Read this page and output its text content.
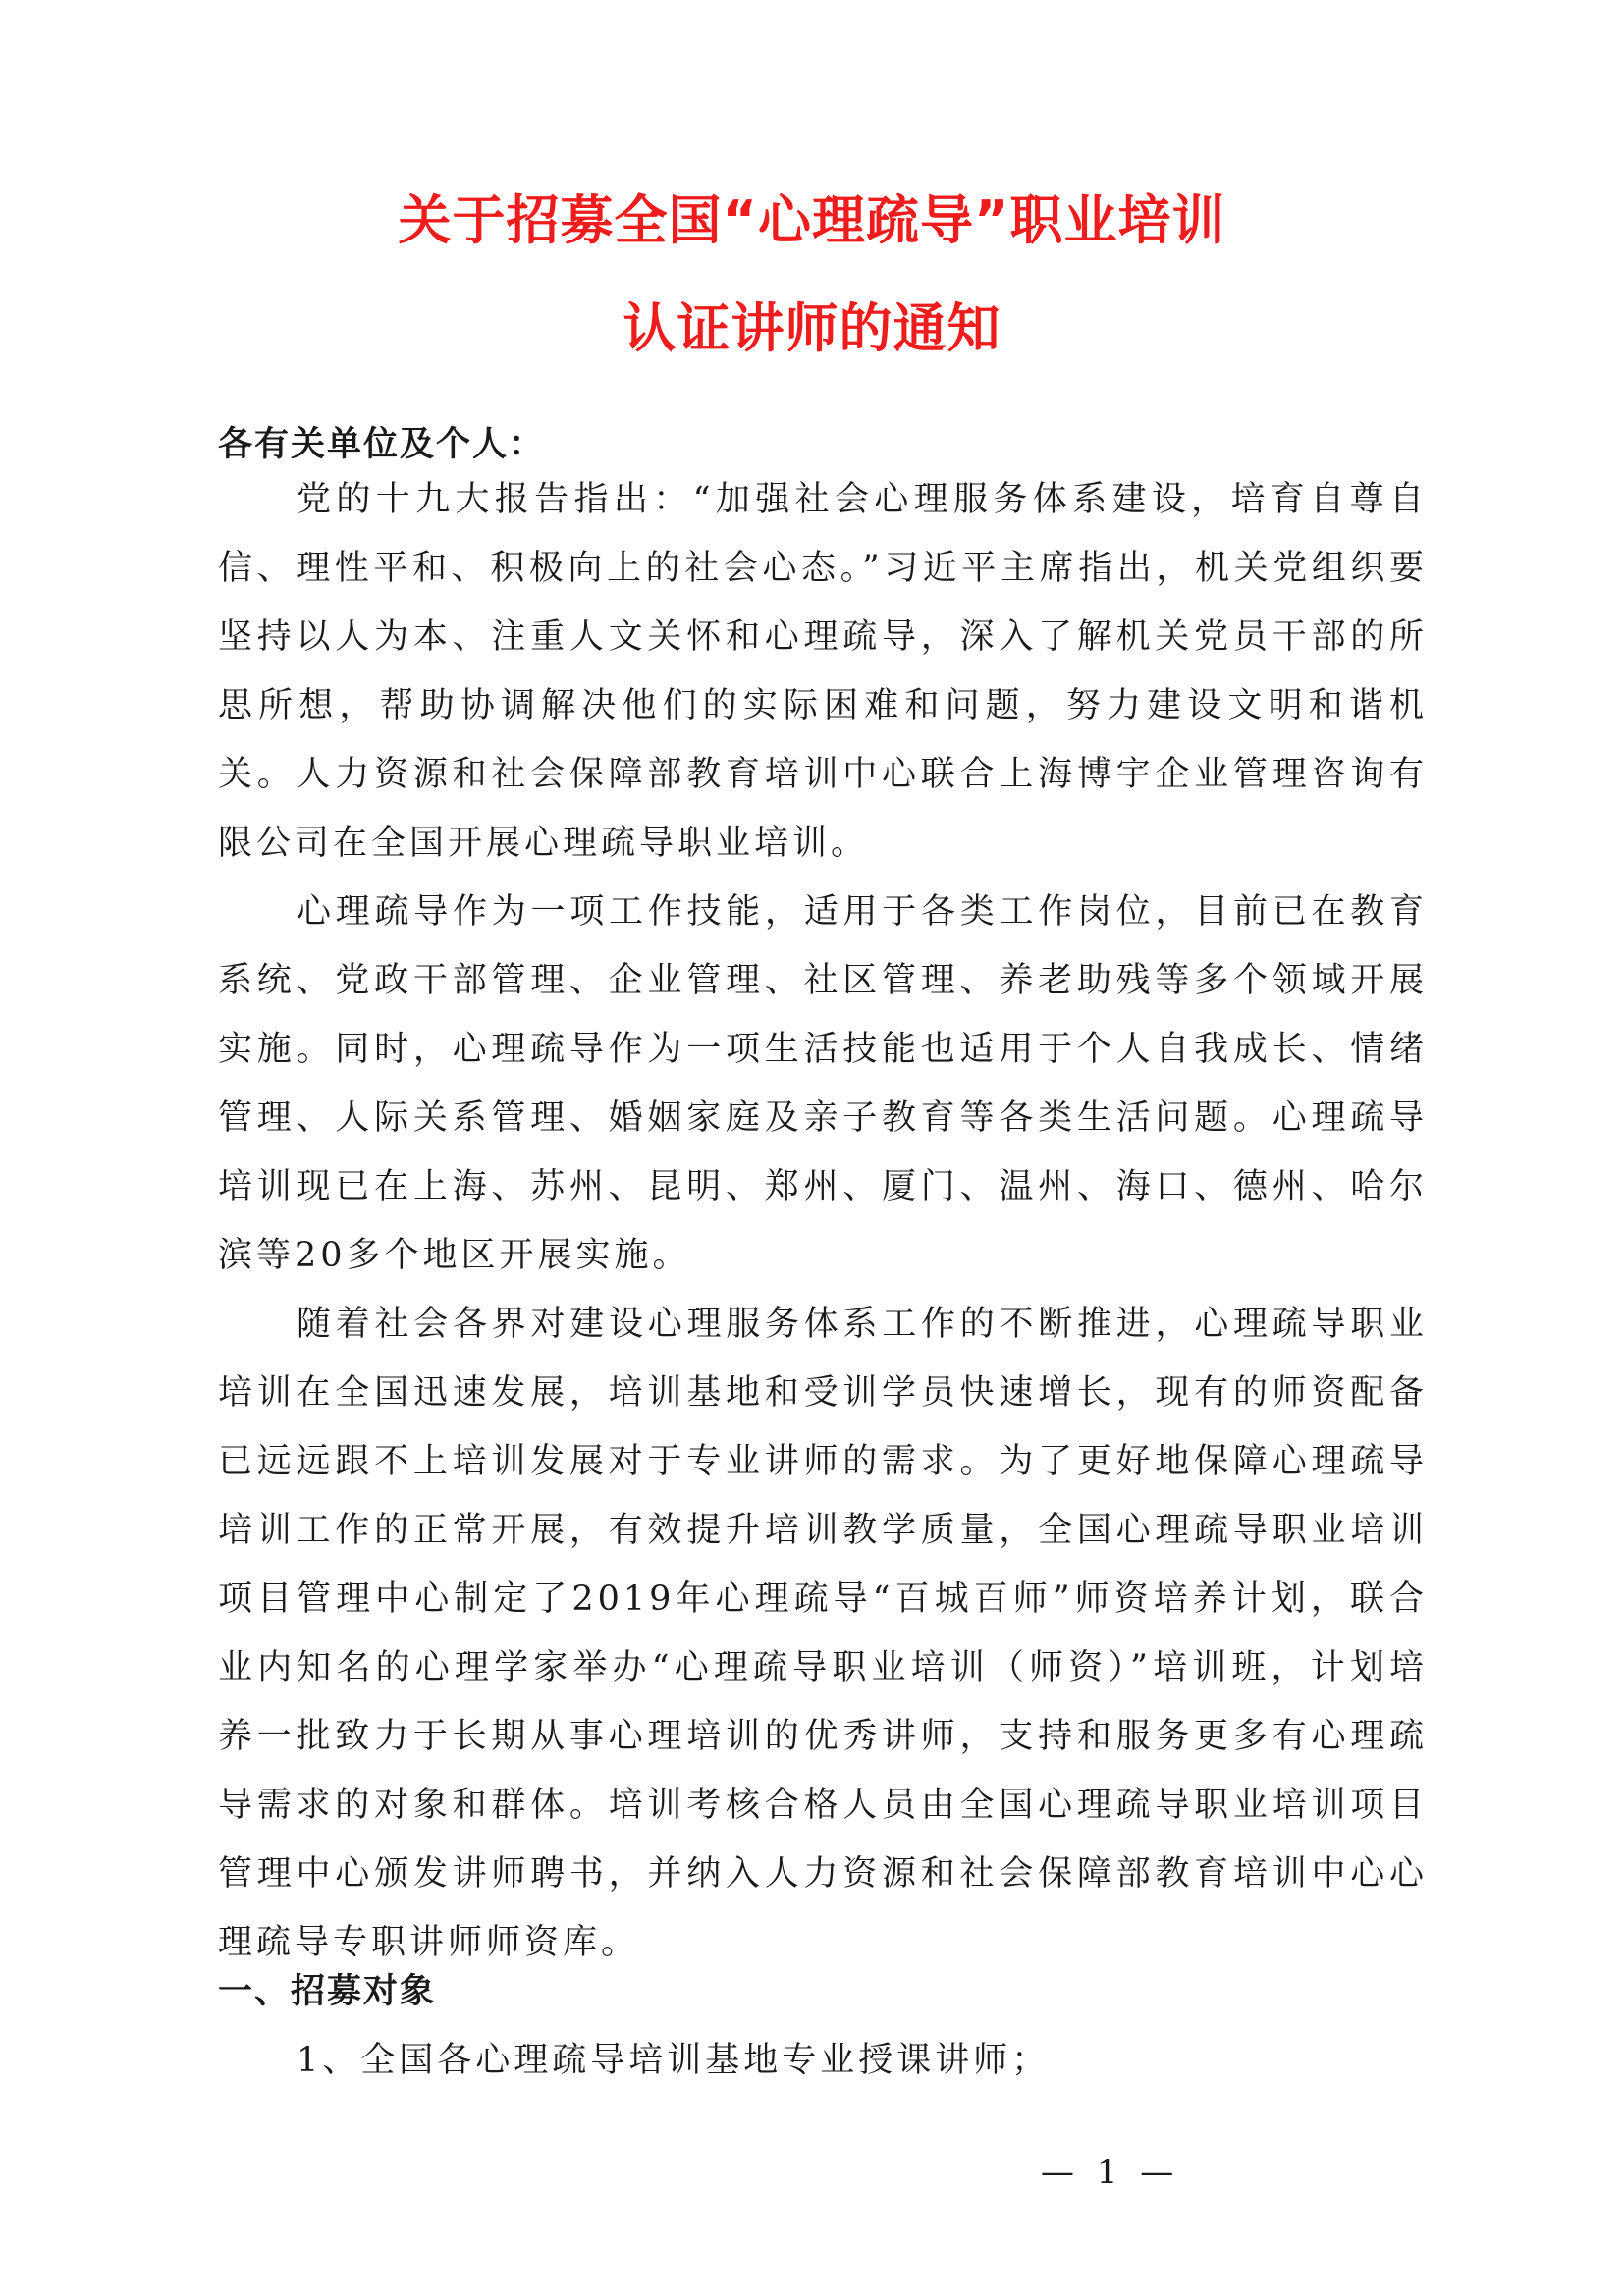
关于招募全国“心理疏导”职业培训
认证讲师的通知
各有关单位及个人：
党的十九大报告指出：“加强社会心理服务体系建设，培育自尊自信、理性平和、积极向上的社会心态。”习近平主席指出，机关党组织要坚持以人为本、注重人文关怀和心理疏导，深入了解机关党员干部的所思所想，帮助协调解决他们的实际困难和问题，努力建设文明和谐机关。人力资源和社会保障部教育培训中心联合上海博宇企业管理咨询有限公司在全国开展心理疏导职业培训。
心理疏导作为一项工作技能，适用于各类工作岗位，目前已在教育系统、党政干部管理、企业管理、社区管理、养老助残等多个领域开展实施。同时，心理疏导作为一项生活技能也适用于个人自我成长、情绪管理、人际关系管理、婚姻家庭及亲子教育等各类生活问题。心理疏导培训现已在上海、苏州、昆明、郑州、厦门、温州、海口、德州、哈尔滨等20多个地区开展实施。
随着社会各界对建设心理服务体系工作的不断推进，心理疏导职业培训在全国迅速发展，培训基地和受训学员快速增长，现有的师资配备已远远跟不上培训发展对于专业讲师的需求。为了更好地保障心理疏导培训工作的正常开展，有效提升培训教学质量，全国心理疏导职业培训项目管理中心制定了2019年心理疏导“百城百师”师资培养计划，联合业内知名的心理学家举办“心理疏导职业培训（师资）”培训班，计划培养一批致力于长期从事心理培训的优秀讲师，支持和服务更多有心理疏导需求的对象和群体。培训考核合格人员由全国心理疏导职业培训项目管理中心颁发讲师聘书，并纳入人力资源和社会保障部教育培训中心心理疏导专职讲师师资库。
一、招募对象
1、全国各心理疏导培训基地专业授课讲师；
— 1 —
